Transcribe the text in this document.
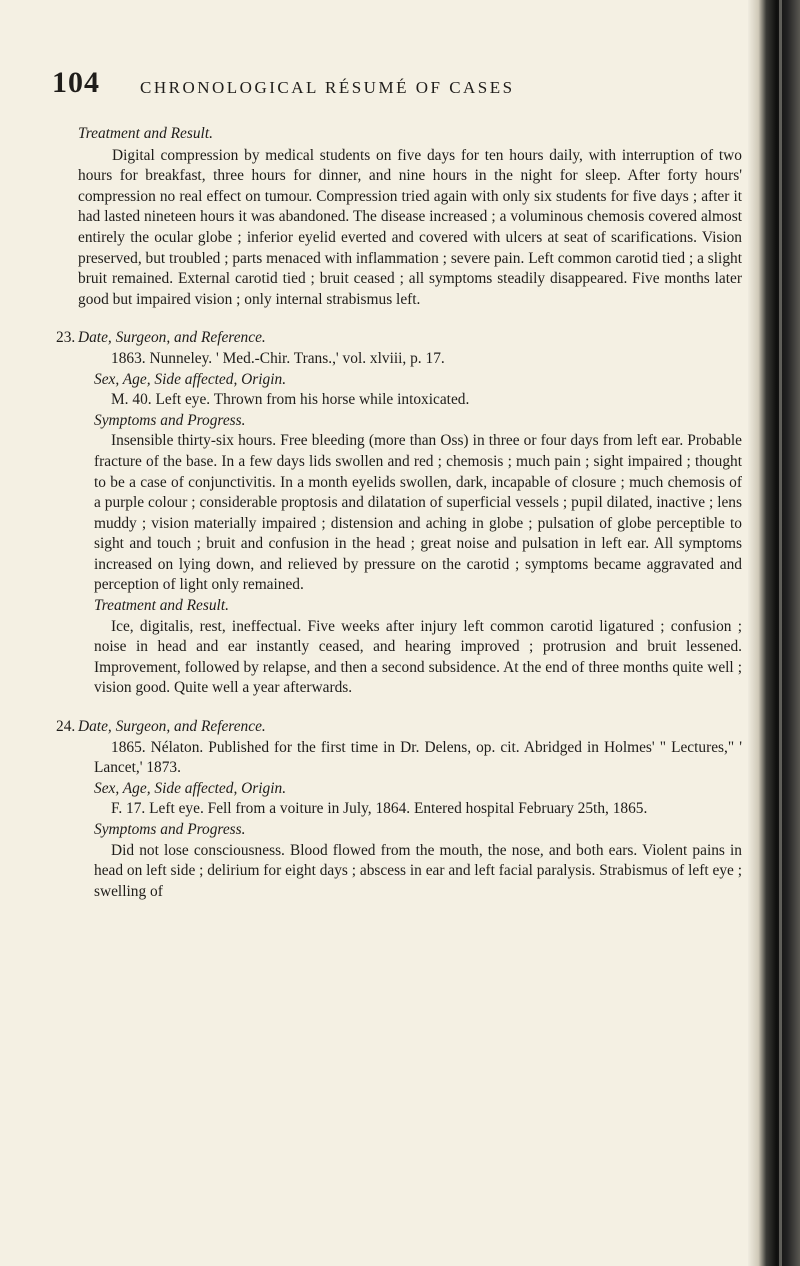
104 CHRONOLOGICAL RÉSUMÉ OF CASES
Treatment and Result.

Digital compression by medical students on five days for ten hours daily, with interruption of two hours for breakfast, three hours for dinner, and nine hours in the night for sleep. After forty hours' compression no real effect on tumour. Compression tried again with only six students for five days ; after it had lasted nineteen hours it was abandoned. The disease increased ; a voluminous chemosis covered almost entirely the ocular globe ; inferior eyelid everted and covered with ulcers at seat of scarifications. Vision preserved, but troubled ; parts menaced with inflammation ; severe pain. Left common carotid tied ; a slight bruit remained. External carotid tied ; bruit ceased ; all symptoms steadily disappeared. Five months later good but impaired vision ; only internal strabismus left.

23. Date, Surgeon, and Reference.

1863. Nunneley. ' Med.-Chir. Trans.,' vol. xlviii, p. 17.

Sex, Age, Side affected, Origin.

M. 40. Left eye. Thrown from his horse while intoxicated.

Symptoms and Progress.

Insensible thirty-six hours. Free bleeding (more than Oss) in three or four days from left ear. Probable fracture of the base. In a few days lids swollen and red ; chemosis ; much pain ; sight impaired ; thought to be a case of conjunctivitis. In a month eyelids swollen, dark, incapable of closure ; much chemosis of a purple colour ; considerable proptosis and dilatation of superficial vessels ; pupil dilated, inactive ; lens muddy ; vision materially impaired ; distension and aching in globe ; pulsation of globe perceptible to sight and touch ; bruit and confusion in the head ; great noise and pulsation in left ear. All symptoms increased on lying down, and relieved by pressure on the carotid ; symptoms became aggravated and perception of light only remained.

Treatment and Result.

Ice, digitalis, rest, ineffectual. Five weeks after injury left common carotid ligatured ; confusion ; noise in head and ear instantly ceased, and hearing improved ; protrusion and bruit lessened. Improvement, followed by relapse, and then a second subsidence. At the end of three months quite well ; vision good. Quite well a year afterwards.

24. Date, Surgeon, and Reference.

1865. Nélaton. Published for the first time in Dr. Delens, op. cit. Abridged in Holmes' " Lectures," ' Lancet,' 1873.

Sex, Age, Side affected, Origin.

F. 17. Left eye. Fell from a voiture in July, 1864. Entered hospital February 25th, 1865.

Symptoms and Progress.

Did not lose consciousness. Blood flowed from the mouth, the nose, and both ears. Violent pains in head on left side ; delirium for eight days ; abscess in ear and left facial paralysis. Strabismus of left eye ; swelling of
